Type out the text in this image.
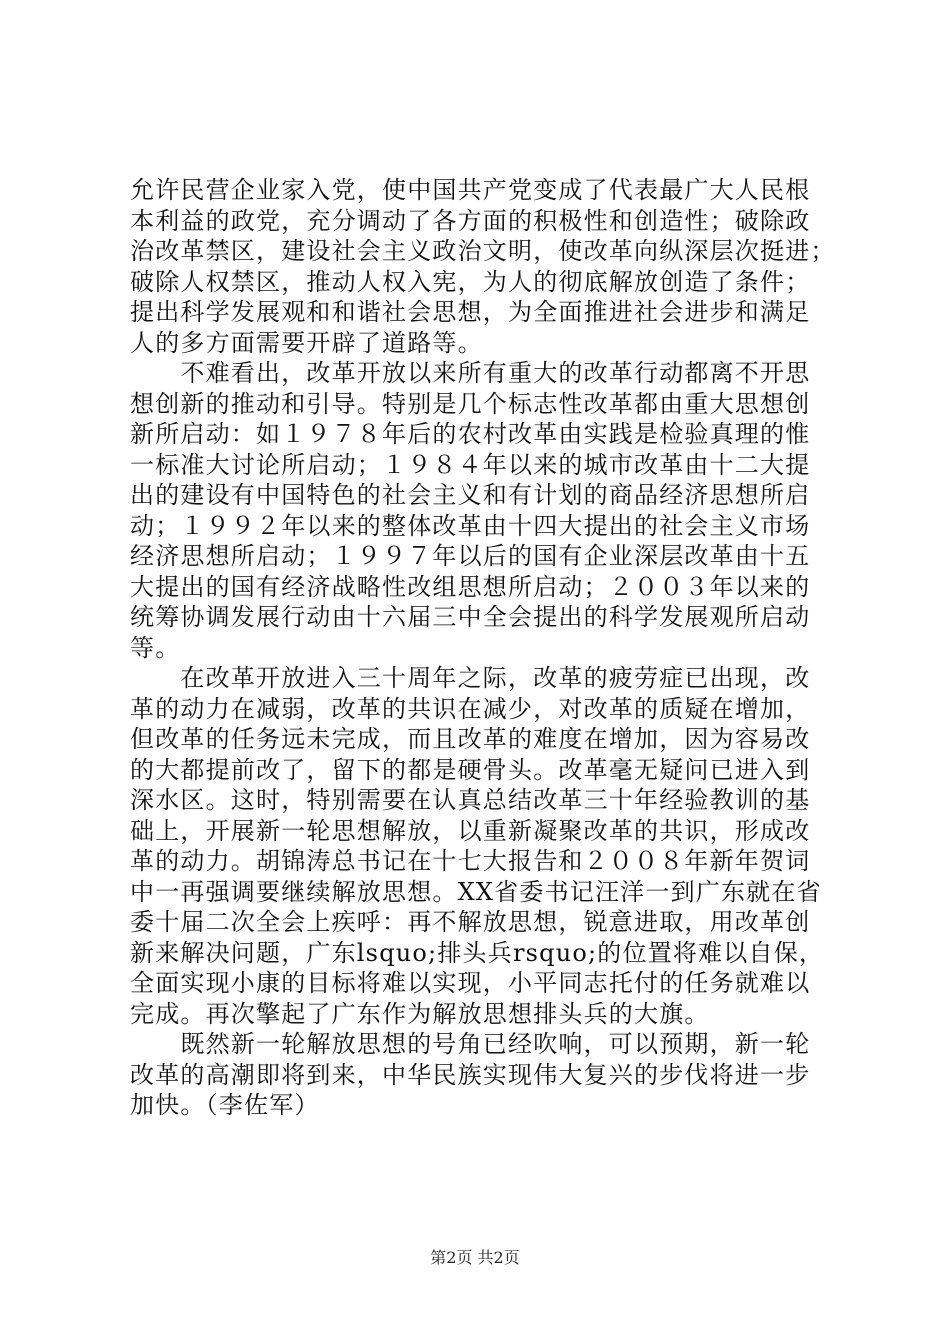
允许民营企业家入党，使中国共产党变成了代表最广大人民根
本利益的政党，充分调动了各方面的积极性和创造性；破除政
治改革禁区，建设社会主义政治文明，使改革向纵深层次挺进；
破除人权禁区，推动人权入宪，为人的彻底解放创造了条件；
提出科学发展观和和谐社会思想，为全面推进社会进步和满足
人的多方面需要开辟了道路等。
　　不难看出，改革开放以来所有重大的改革行动都离不开思
想创新的推动和引导。特别是几个标志性改革都由重大思想创
新所启动：如１９７８年后的农村改革由实践是检验真理的惟
一标准大讨论所启动；１９８４年以来的城市改革由十二大提
出的建设有中国特色的社会主义和有计划的商品经济思想所启
动；１９９２年以来的整体改革由十四大提出的社会主义市场
经济思想所启动；１９９７年以后的国有企业深层改革由十五
大提出的国有经济战略性改组思想所启动；２００３年以来的
统筹协调发展行动由十六届三中全会提出的科学发展观所启动
等。
　　在改革开放进入三十周年之际，改革的疲劳症已出现，改
革的动力在减弱，改革的共识在减少，对改革的质疑在增加，
但改革的任务远未完成，而且改革的难度在增加，因为容易改
的大都提前改了，留下的都是硬骨头。改革毫无疑问已进入到
深水区。这时，特别需要在认真总结改革三十年经验教训的基
础上，开展新一轮思想解放，以重新凝聚改革的共识，形成改
革的动力。胡锦涛总书记在十七大报告和２００８年新年贺词
中一再强调要继续解放思想。XX省委书记汪洋一到广东就在省
委十届二次全会上疾呼：再不解放思想，锐意进取，用改革创
新来解决问题，广东lsquo;排头兵rsquo;的位置将难以自保，
全面实现小康的目标将难以实现，小平同志托付的任务就难以
完成。再次擎起了广东作为解放思想排头兵的大旗。
　　既然新一轮解放思想的号角已经吹响，可以预期，新一轮
改革的高潮即将到来，中华民族实现伟大复兴的步伐将进一步
加快。（李佐军）
第2页 共2页
